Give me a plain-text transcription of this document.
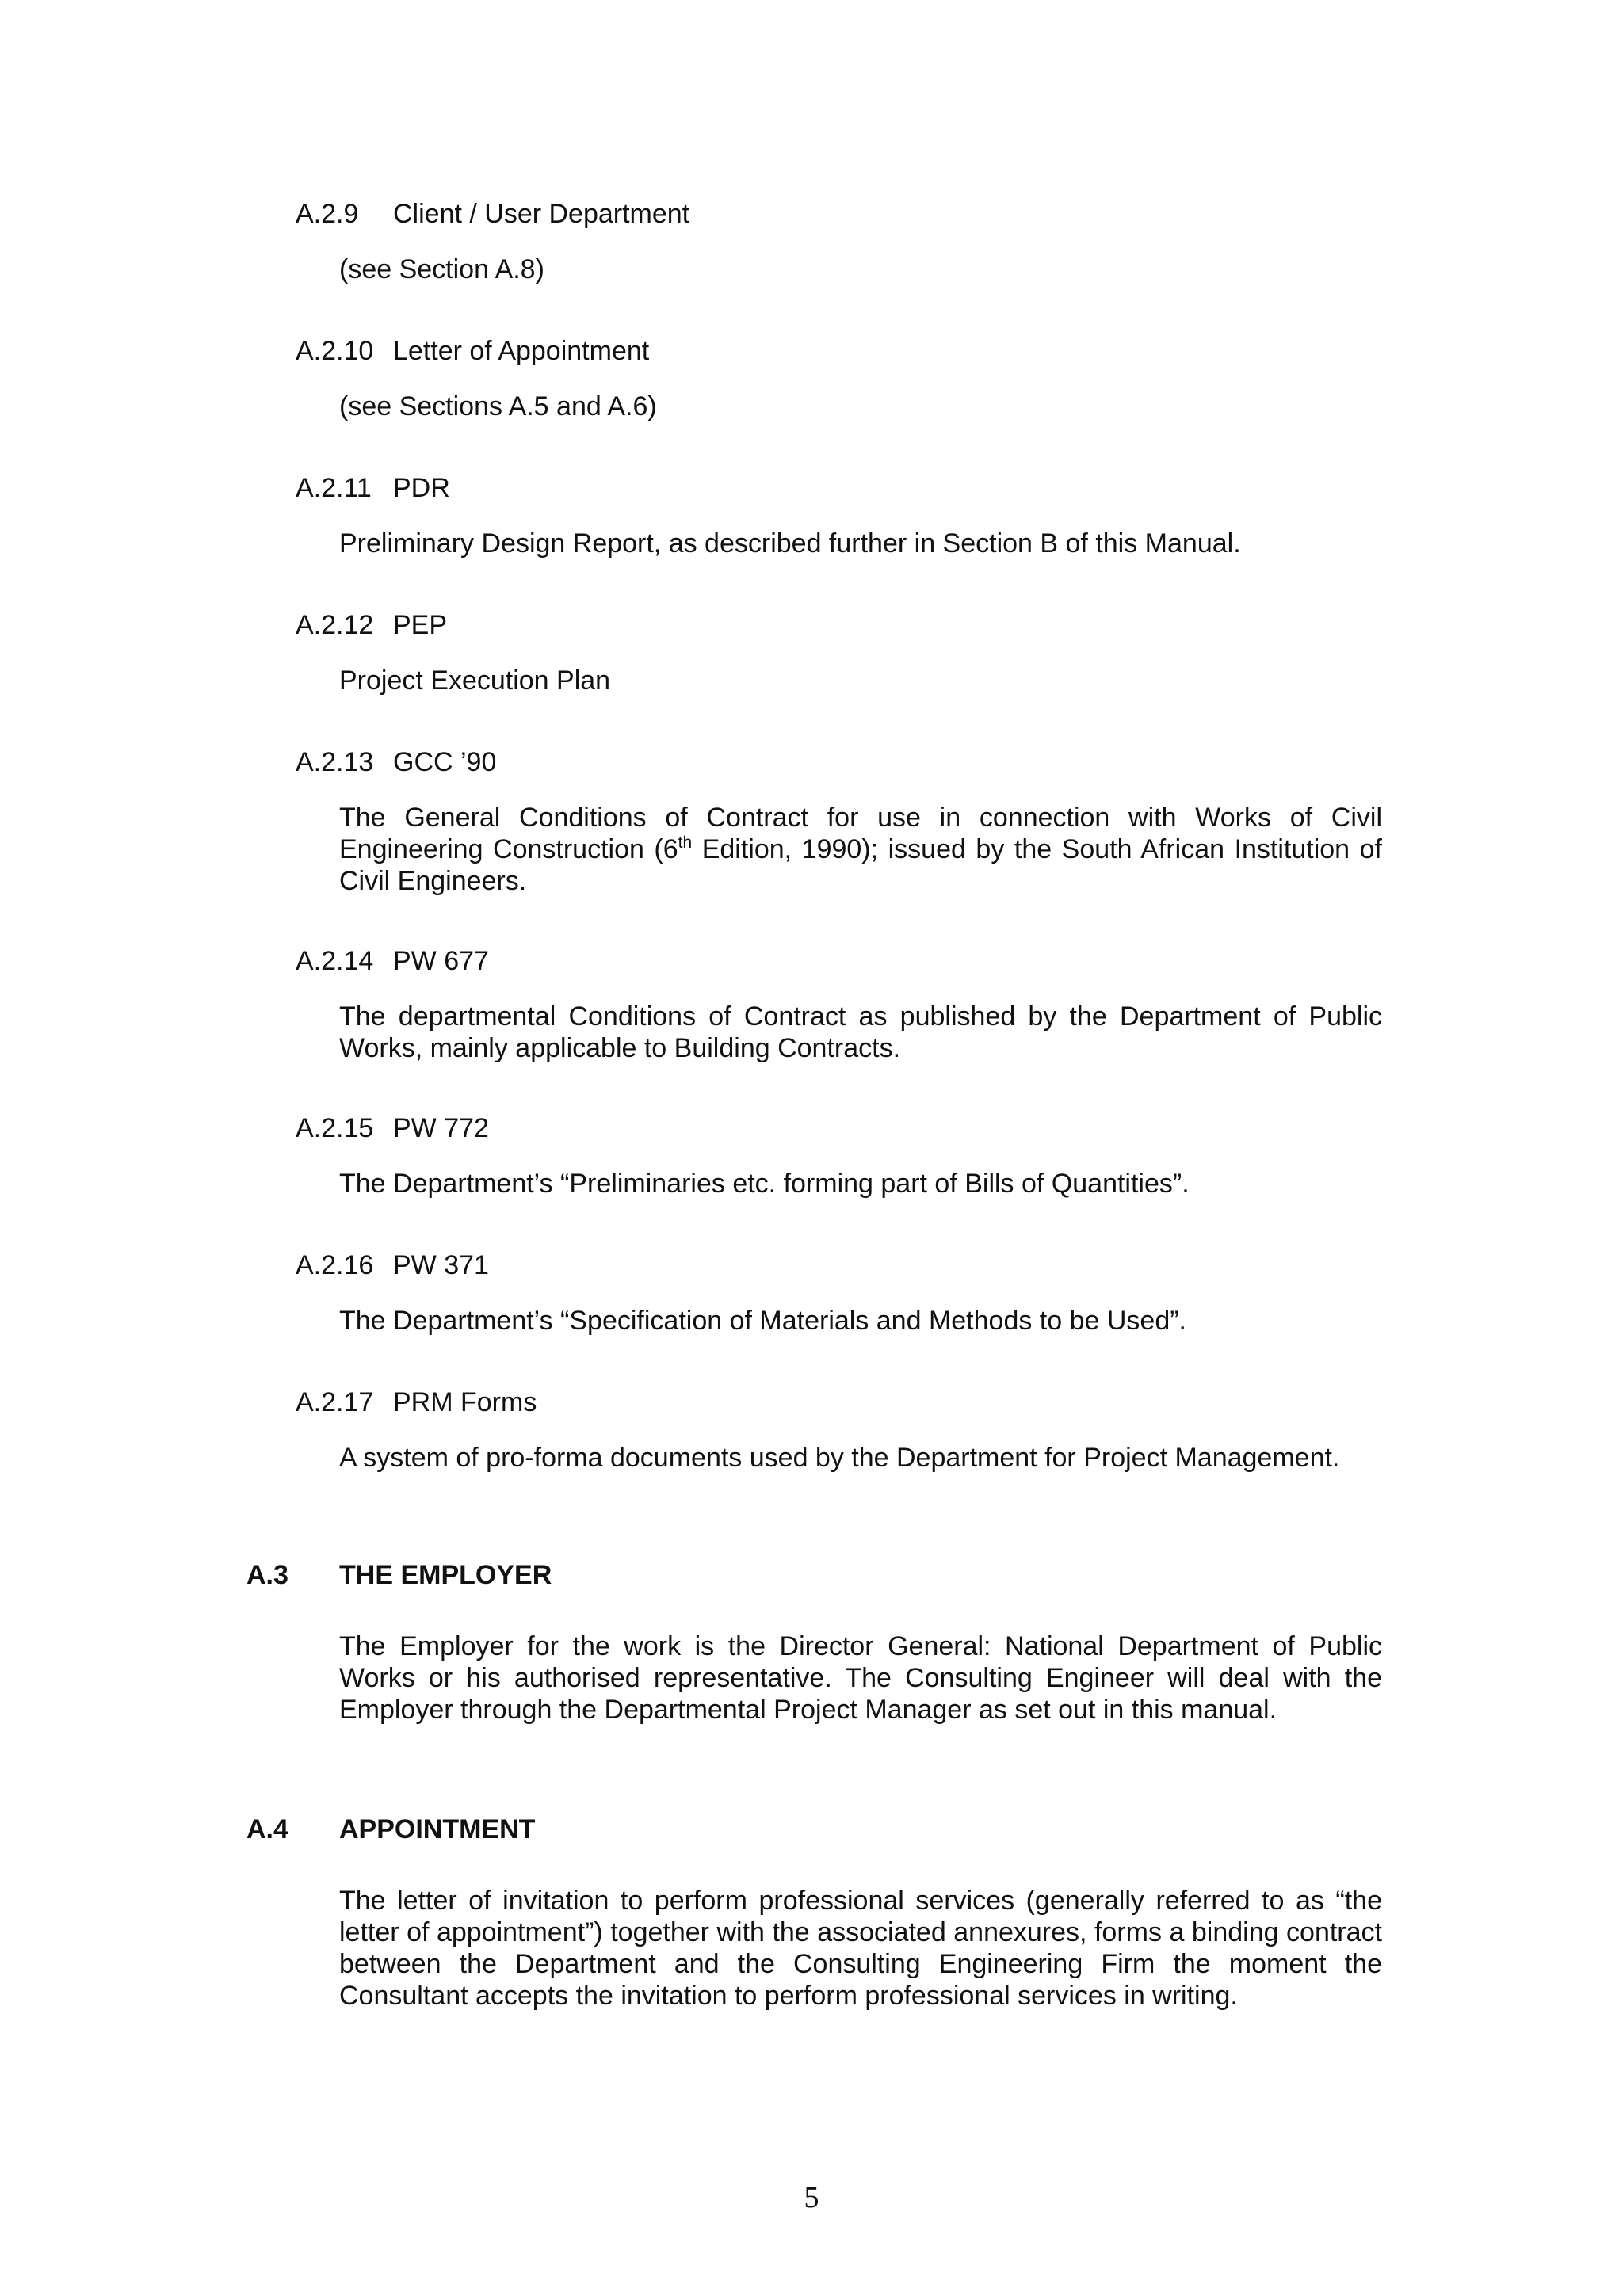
A.2.9 Client / User Department
(see Section A.8)
A.2.10 Letter of Appointment
(see Sections A.5 and A.6)
A.2.11 PDR
Preliminary Design Report, as described further in Section B of this Manual.
A.2.12 PEP
Project Execution Plan
A.2.13 GCC ’90
The General Conditions of Contract for use in connection with Works of Civil Engineering Construction (6th Edition, 1990); issued by the South African Institution of Civil Engineers.
A.2.14 PW 677
The departmental Conditions of Contract as published by the Department of Public Works, mainly applicable to Building Contracts.
A.2.15 PW 772
The Department’s “Preliminaries etc. forming part of Bills of Quantities”.
A.2.16 PW 371
The Department’s “Specification of Materials and Methods to be Used”.
A.2.17 PRM Forms
A system of pro-forma documents used by the Department for Project Management.
A.3 THE EMPLOYER
The Employer for the work is the Director General: National Department of Public Works or his authorised representative. The Consulting Engineer will deal with the Employer through the Departmental Project Manager as set out in this manual.
A.4 APPOINTMENT
The letter of invitation to perform professional services (generally referred to as “the letter of appointment”) together with the associated annexures, forms a binding contract between the Department and the Consulting Engineering Firm the moment the Consultant accepts the invitation to perform professional services in writing.
5
